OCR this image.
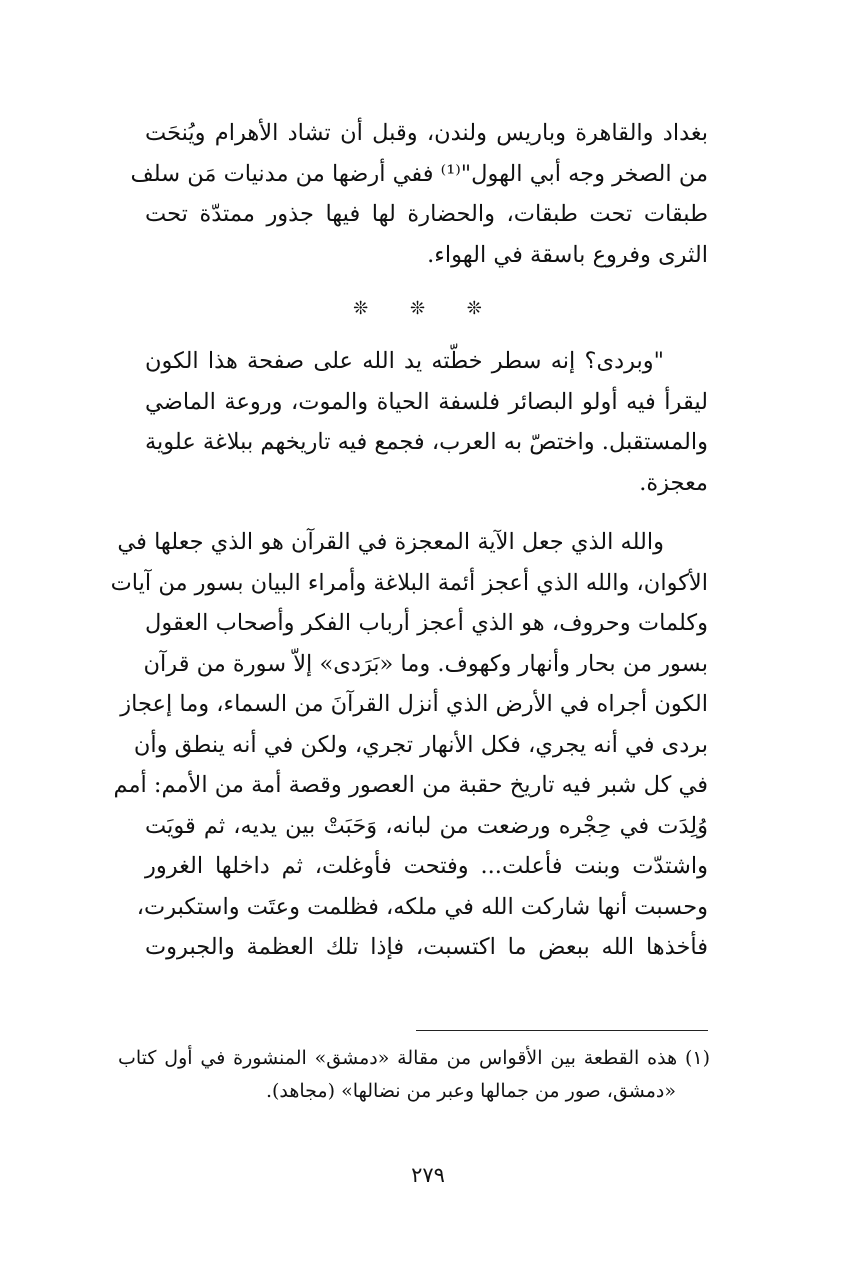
بغداد والقاهرة وباريس ولندن، وقبل أن تشاد الأهرام ويُنحَت
من الصخر وجه أبي الهول"⁽¹⁾ ففي أرضها من مدنيات مَن سلف
طبقات تحت طبقات، والحضارة لها فيها جذور ممتدّة تحت
الثرى وفروع باسقة في الهواء.
❊ ❊ ❊
"وبردى؟ إنه سطر خطّته يد الله على صفحة هذا الكون
ليقرأ فيه أولو البصائر فلسفة الحياة والموت، وروعة الماضي
والمستقبل. واختصّ به العرب، فجمع فيه تاريخهم ببلاغة علوية
معجزة.
والله الذي جعل الآية المعجزة في القرآن هو الذي جعلها في
الأكوان، والله الذي أعجز أئمة البلاغة وأمراء البيان بسور من آيات
وكلمات وحروف، هو الذي أعجز أرباب الفكر وأصحاب العقول
بسور من بحار وأنهار وكهوف. وما «بَرَدى» إلاّ سورة من قرآن
الكون أجراه في الأرض الذي أنزل القرآنَ من السماء، وما إعجاز
بردى في أنه يجري، فكل الأنهار تجري، ولكن في أنه ينطق وأن
في كل شبر فيه تاريخ حقبة من العصور وقصة أمة من الأمم: أمم
وُلِدَت في حِجْره ورضعت من لبانه، وَحَبَتْ بين يديه، ثم قويَت
واشتدّت وبنت فأعلت... وفتحت فأوغلت، ثم داخلها الغرور
وحسبت أنها شاركت الله في ملكه، فظلمت وعتَت واستكبرت،
فأخذها الله ببعض ما اكتسبت، فإذا تلك العظمة والجبروت
(١) هذه القطعة بين الأقواس من مقالة «دمشق» المنشورة في أول كتاب
«دمشق، صور من جمالها وعبر من نضالها» (مجاهد).
٢٧٩
